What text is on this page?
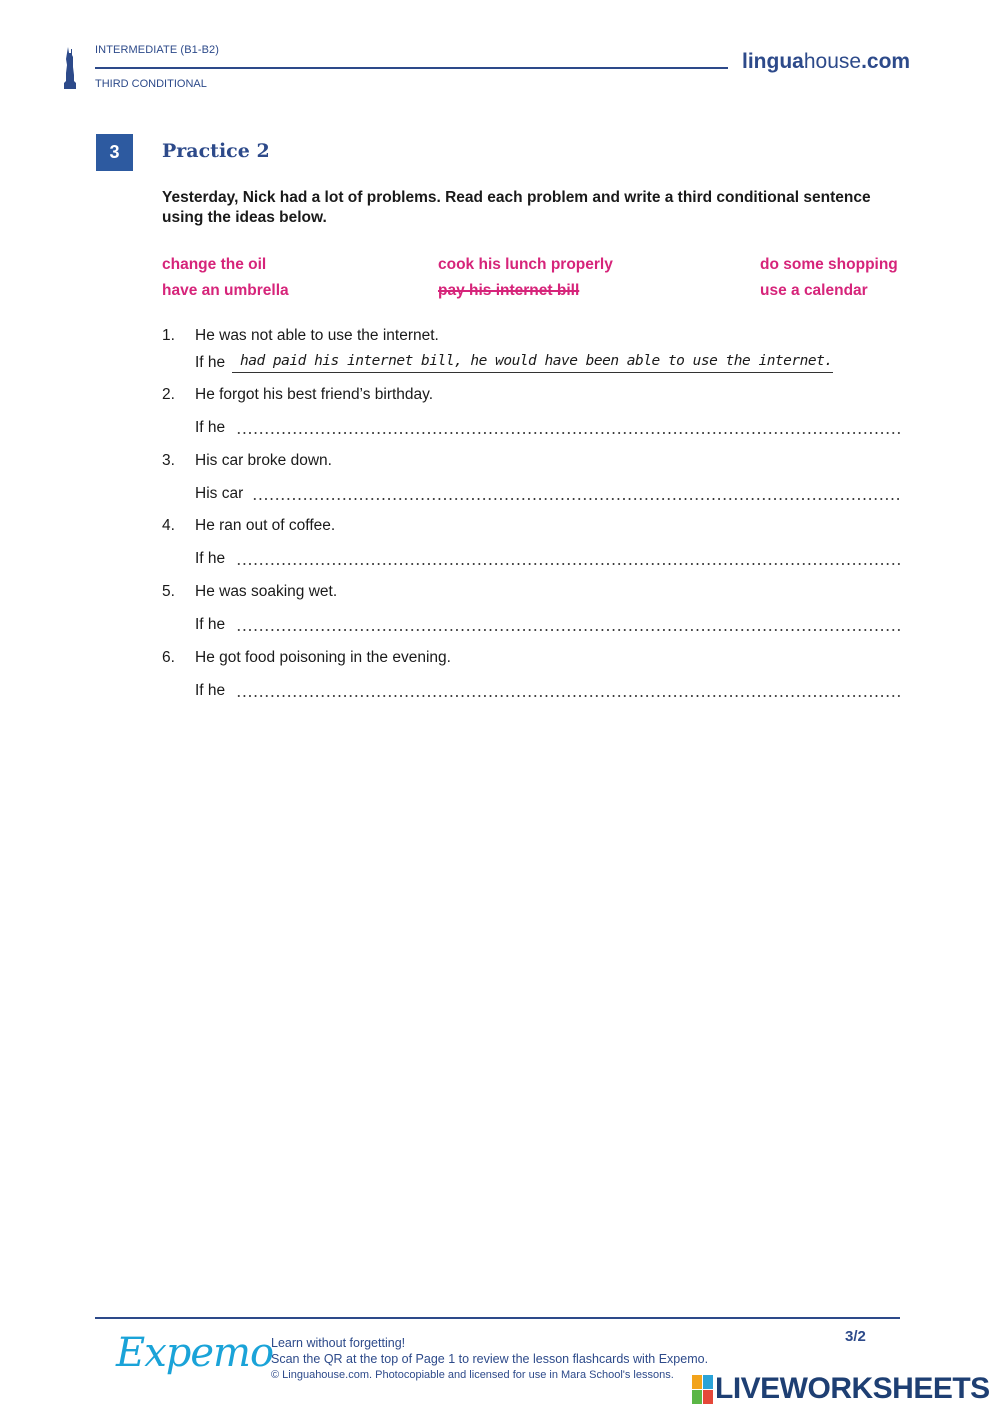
INTERMEDIATE (B1-B2)
THIRD CONDITIONAL
linguahouse.com
3	Practice 2
Yesterday, Nick had a lot of problems. Read each problem and write a third conditional sentence using the ideas below.
change the oil	cook his lunch properly	do some shopping
have an umbrella	pay his internet bill	use a calendar
1. He was not able to use the internet.
If he had paid his internet bill, he would have been able to use the internet.
2. He forgot his best friend’s birthday.
If he
3. His car broke down.
His car
4. He ran out of coffee.
If he
5. He was soaking wet.
If he
6. He got food poisoning in the evening.
If he
Expemo
Learn without forgetting!
Scan the QR at the top of Page 1 to review the lesson flashcards with Expemo.
© Linguahouse.com. Photocopiable and licensed for use in Mara School's lessons.
3/2
LIVEWORKSHEETS
